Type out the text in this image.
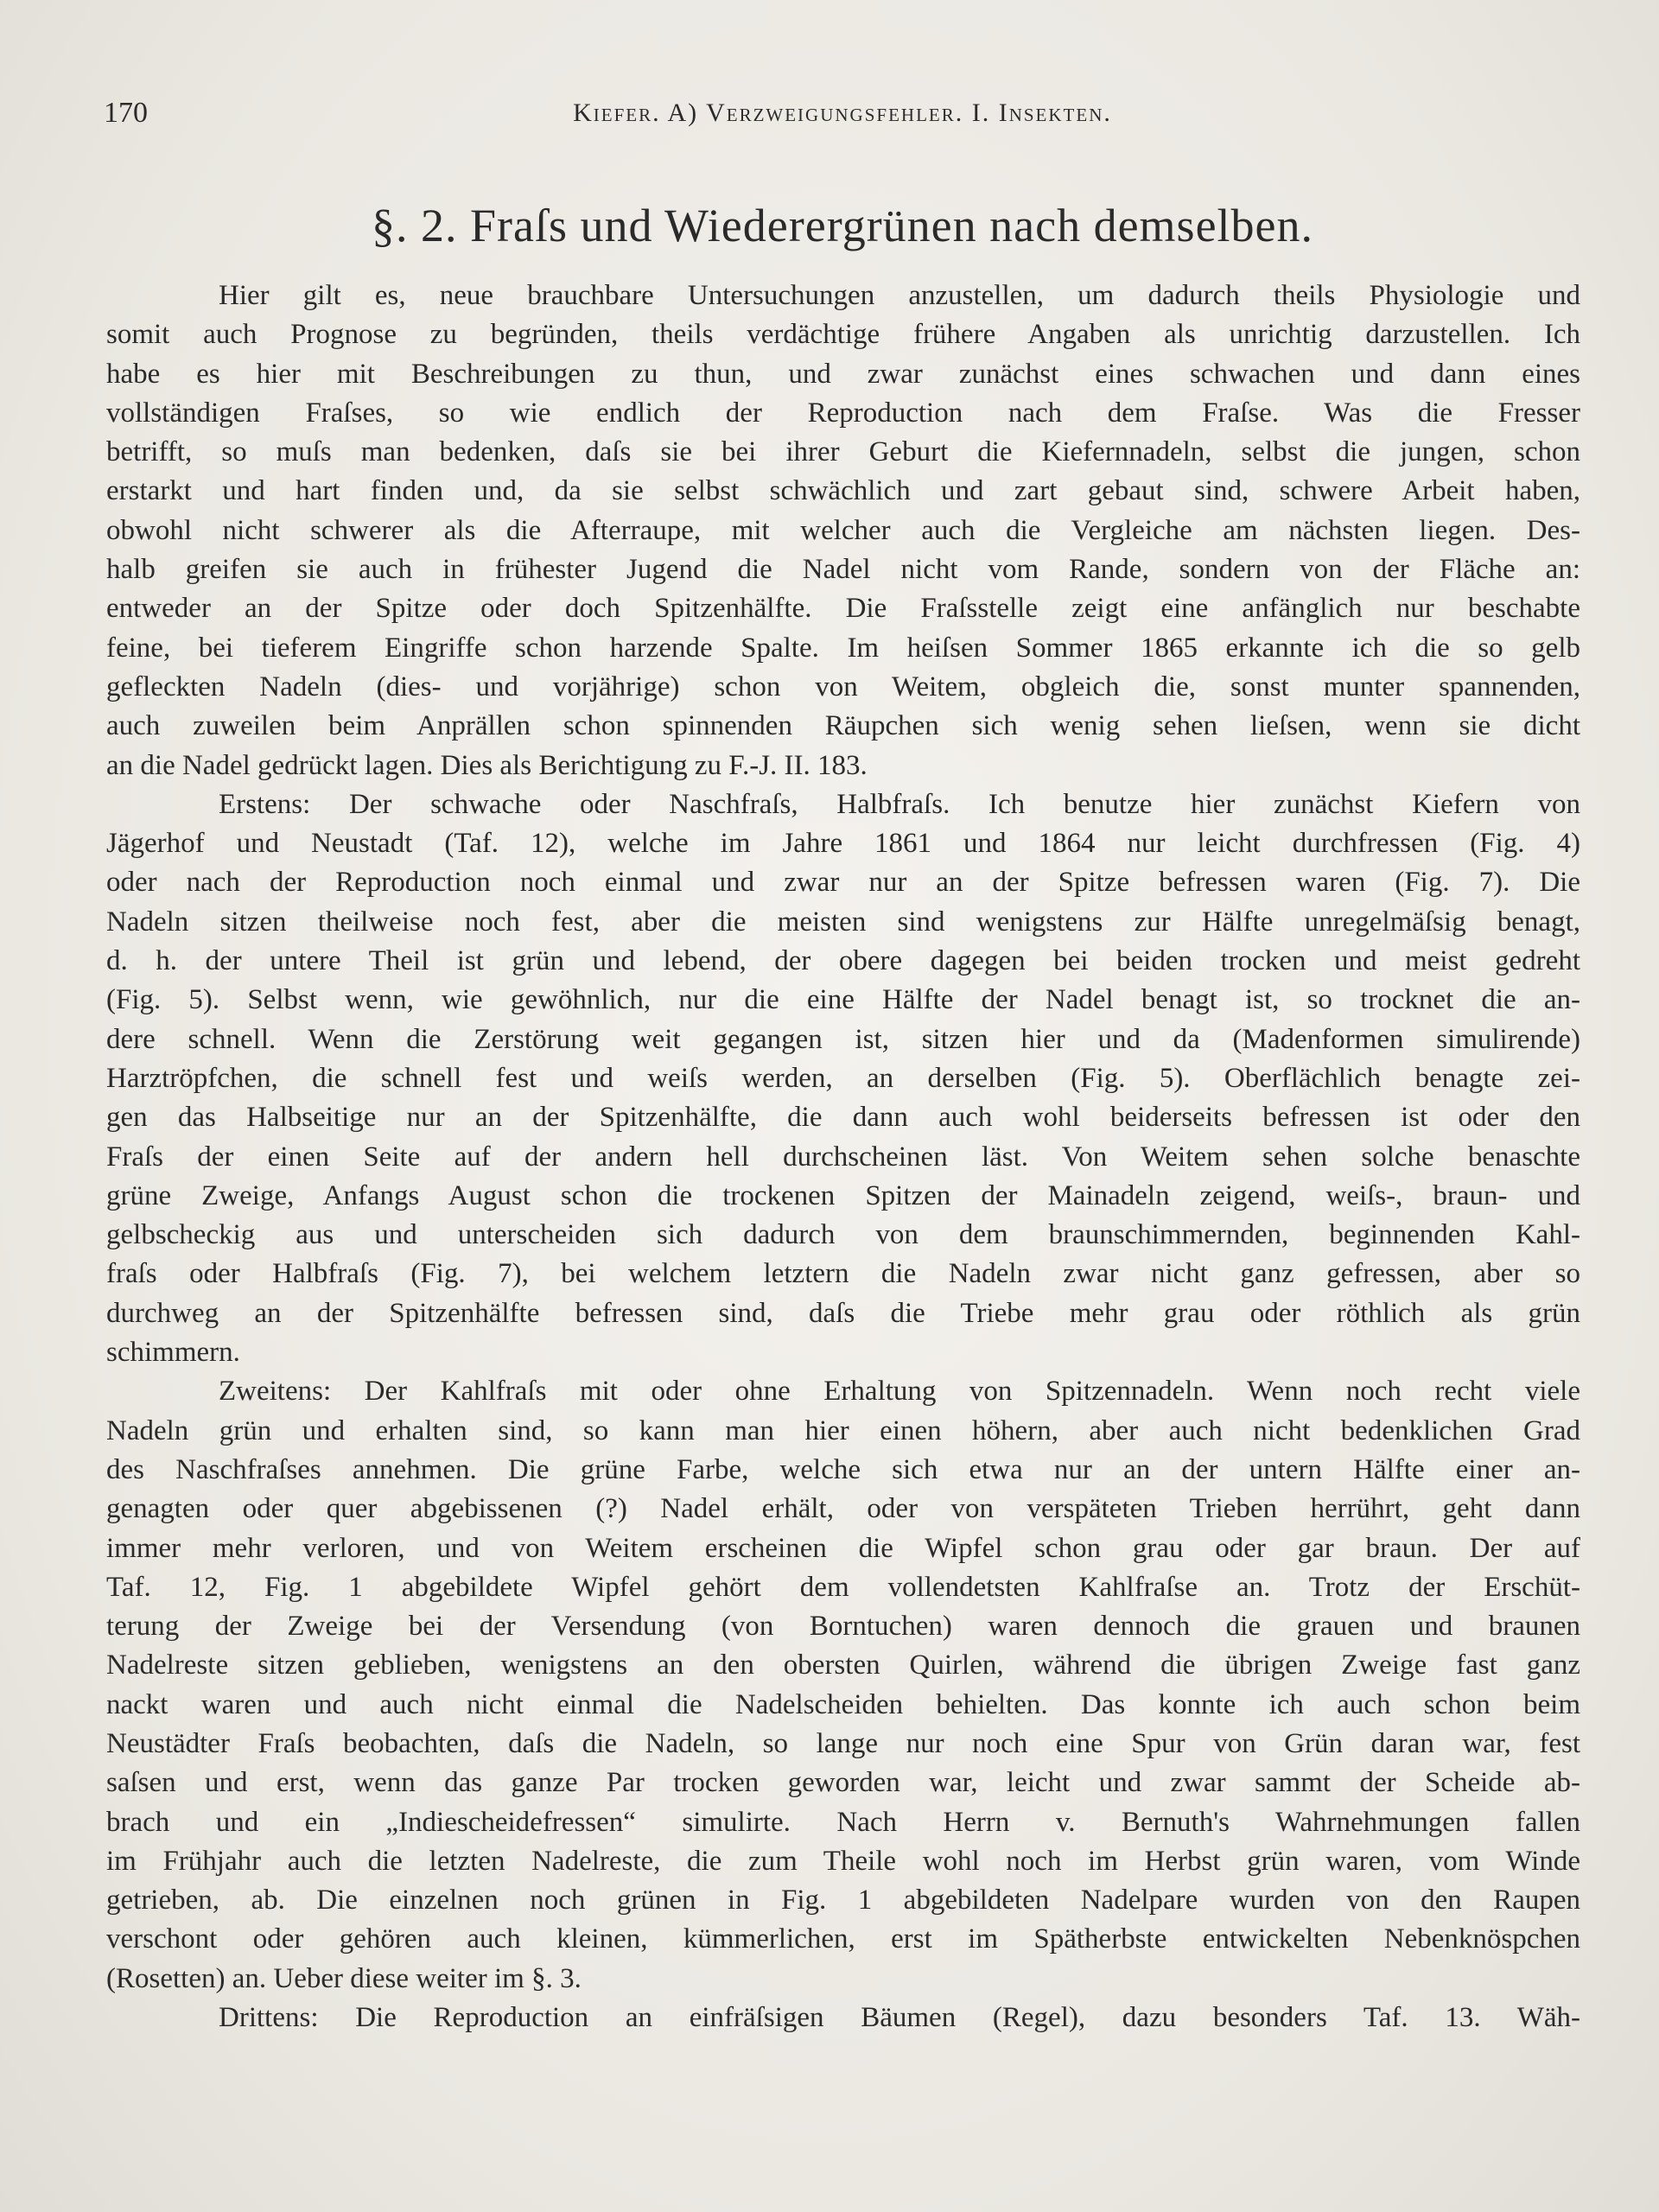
170	Kiefer. A) Verzweigungsfehler. I. Insekten.
§. 2. Fraſs und Wiederergrünen nach demselben.
Hier gilt es, neue brauchbare Untersuchungen anzustellen, um dadurch theils Physiologie und
somit auch Prognose zu begründen, theils verdächtige frühere Angaben als unrichtig darzustellen. Ich
habe es hier mit Beschreibungen zu thun, und zwar zunächst eines schwachen und dann eines
vollständigen Fraſses, so wie endlich der Reproduction nach dem Fraſse. Was die Fresser
betrifft, so muſs man bedenken, daſs sie bei ihrer Geburt die Kiefernnadeln, selbst die jungen, schon
erstarkt und hart finden und, da sie selbst schwächlich und zart gebaut sind, schwere Arbeit haben,
obwohl nicht schwerer als die Afterraupe, mit welcher auch die Vergleiche am nächsten liegen. Des-
halb greifen sie auch in frühester Jugend die Nadel nicht vom Rande, sondern von der Fläche an:
entweder an der Spitze oder doch Spitzenhälfte. Die Fraſsstelle zeigt eine anfänglich nur beschabte
feine, bei tieferem Eingriffe schon harzende Spalte. Im heiſsen Sommer 1865 erkannte ich die so gelb
gefleckten Nadeln (dies- und vorjährige) schon von Weitem, obgleich die, sonst munter spannenden,
auch zuweilen beim Anprällen schon spinnenden Räupchen sich wenig sehen lieſsen, wenn sie dicht
an die Nadel gedrückt lagen. Dies als Berichtigung zu F.-J. II. 183.
Erstens: Der schwache oder Naschfraſs, Halbfraſs. Ich benutze hier zunächst Kiefern von
Jägerhof und Neustadt (Taf. 12), welche im Jahre 1861 und 1864 nur leicht durchfressen (Fig. 4)
oder nach der Reproduction noch einmal und zwar nur an der Spitze befressen waren (Fig. 7). Die
Nadeln sitzen theilweise noch fest, aber die meisten sind wenigstens zur Hälfte unregelmäſsig benagt,
d. h. der untere Theil ist grün und lebend, der obere dagegen bei beiden trocken und meist gedreht
(Fig. 5). Selbst wenn, wie gewöhnlich, nur die eine Hälfte der Nadel benagt ist, so trocknet die an-
dere schnell. Wenn die Zerstörung weit gegangen ist, sitzen hier und da (Madenformen simulirende)
Harztröpfchen, die schnell fest und weiſs werden, an derselben (Fig. 5). Oberflächlich benagte zei-
gen das Halbseitige nur an der Spitzenhälfte, die dann auch wohl beiderseits befressen ist oder den
Fraſs der einen Seite auf der andern hell durchscheinen läst. Von Weitem sehen solche benaschte
grüne Zweige, Anfangs August schon die trockenen Spitzen der Mainadeln zeigend, weiſs-, braun- und
gelbscheckig aus und unterscheiden sich dadurch von dem braunschimmernden, beginnenden Kahl-
fraſs oder Halbfraſs (Fig. 7), bei welchem letztern die Nadeln zwar nicht ganz gefressen, aber so
durchweg an der Spitzenhälfte befressen sind, daſs die Triebe mehr grau oder röthlich als grün
schimmern.
Zweitens: Der Kahlfraſs mit oder ohne Erhaltung von Spitzennadeln. Wenn noch recht viele
Nadeln grün und erhalten sind, so kann man hier einen höhern, aber auch nicht bedenklichen Grad
des Naschfraſses annehmen. Die grüne Farbe, welche sich etwa nur an der untern Hälfte einer an-
genagten oder quer abgebissenen (?) Nadel erhält, oder von verspäteten Trieben herrührt, geht dann
immer mehr verloren, und von Weitem erscheinen die Wipfel schon grau oder gar braun. Der auf
Taf. 12, Fig. 1 abgebildete Wipfel gehört dem vollendetsten Kahlfraſse an. Trotz der Erschüt-
terung der Zweige bei der Versendung (von Borntuchen) waren dennoch die grauen und braunen
Nadelreste sitzen geblieben, wenigstens an den obersten Quirlen, während die übrigen Zweige fast ganz
nackt waren und auch nicht einmal die Nadelscheiden behielten. Das konnte ich auch schon beim
Neustädter Fraſs beobachten, daſs die Nadeln, so lange nur noch eine Spur von Grün daran war, fest
saſsen und erst, wenn das ganze Par trocken geworden war, leicht und zwar sammt der Scheide ab-
brach und ein „Indiescheidefressen“ simulirte. Nach Herrn v. Bernuth's Wahrnehmungen fallen
im Frühjahr auch die letzten Nadelreste, die zum Theile wohl noch im Herbst grün waren, vom Winde
getrieben, ab. Die einzelnen noch grünen in Fig. 1 abgebildeten Nadelpare wurden von den Raupen
verschont oder gehören auch kleinen, kümmerlichen, erst im Spätherbste entwickelten Nebenknöspchen
(Rosetten) an. Ueber diese weiter im §. 3.
Drittens: Die Reproduction an einfräſsigen Bäumen (Regel), dazu besonders Taf. 13. Wäh-
